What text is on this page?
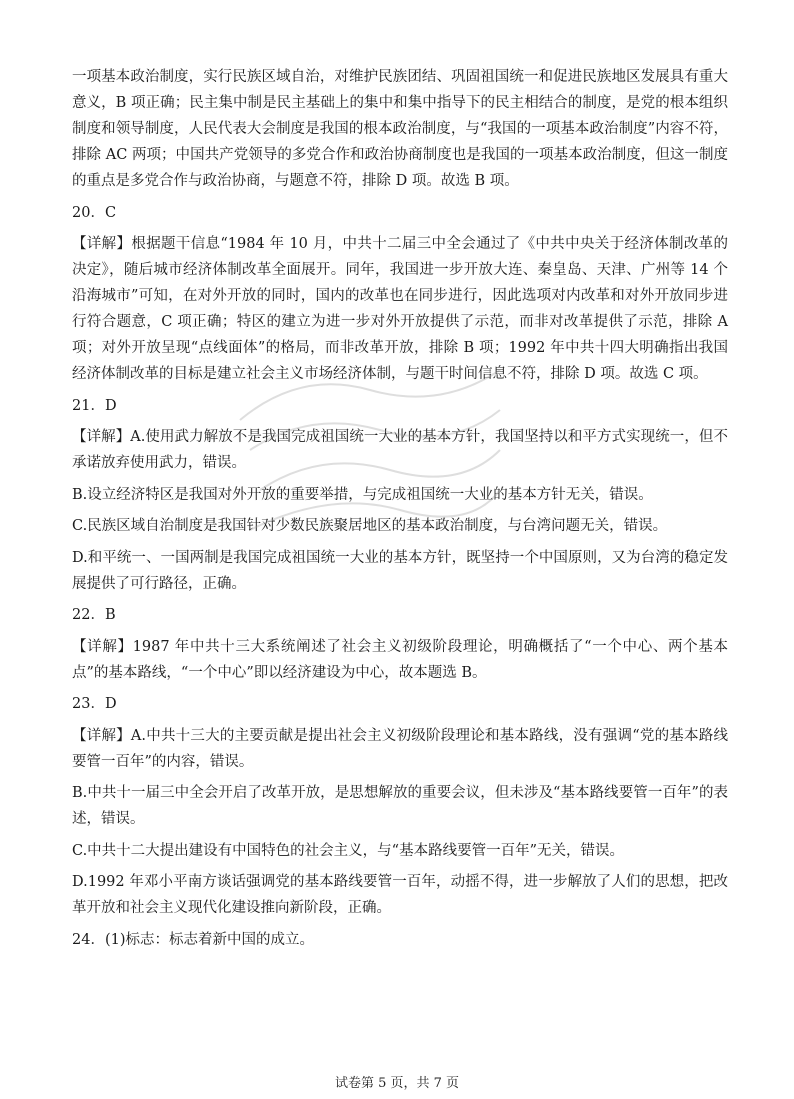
一项基本政治制度，实行民族区域自治，对维护民族团结、巩固祖国统一和促进民族地区发展具有重大意义，B 项正确；民主集中制是民主基础上的集中和集中指导下的民主相结合的制度，是党的根本组织制度和领导制度，人民代表大会制度是我国的根本政治制度，与“我国的一项基本政治制度”内容不符，排除 AC 两项；中国共产党领导的多党合作和政治协商制度也是我国的一项基本政治制度，但这一制度的重点是多党合作与政治协商，与题意不符，排除 D 项。故选 B 项。

20．C

【详解】根据题干信息“1984 年 10 月，中共十二届三中全会通过了《中共中央关于经济体制改革的决定》，随后城市经济体制改革全面展开。同年，我国进一步开放大连、秦皇岛、天津、广州等 14 个沿海城市”可知，在对外开放的同时，国内的改革也在同步进行，因此选项对内改革和对外开放同步进行符合题意，C 项正确；特区的建立为进一步对外开放提供了示范，而非对改革提供了示范，排除 A 项；对外开放呈现“点线面体”的格局，而非改革开放，排除 B 项；1992 年中共十四大明确指出我国经济体制改革的目标是建立社会主义市场经济体制，与题干时间信息不符，排除 D 项。故选 C 项。

21．D

【详解】A.使用武力解放不是我国完成祖国统一大业的基本方针，我国坚持以和平方式实现统一，但不承诺放弃使用武力，错误。

B.设立经济特区是我国对外开放的重要举措，与完成祖国统一大业的基本方针无关，错误。

C.民族区域自治制度是我国针对少数民族聚居地区的基本政治制度，与台湾问题无关，错误。

D.和平统一、一国两制是我国完成祖国统一大业的基本方针，既坚持一个中国原则，又为台湾的稳定发展提供了可行路径，正确。

22．B

【详解】1987 年中共十三大系统阐述了社会主义初级阶段理论，明确概括了“一个中心、两个基本点”的基本路线，“一个中心”即以经济建设为中心，故本题选 B。

23．D

【详解】A.中共十三大的主要贡献是提出社会主义初级阶段理论和基本路线，没有强调“党的基本路线要管一百年”的内容，错误。

B.中共十一届三中全会开启了改革开放，是思想解放的重要会议，但未涉及“基本路线要管一百年”的表述，错误。

C.中共十二大提出建设有中国特色的社会主义，与“基本路线要管一百年”无关，错误。

D.1992 年邓小平南方谈话强调党的基本路线要管一百年，动摇不得，进一步解放了人们的思想，把改革开放和社会主义现代化建设推向新阶段，正确。

24．(1)标志：标志着新中国的成立。

试卷第 5 页，共 7 页
